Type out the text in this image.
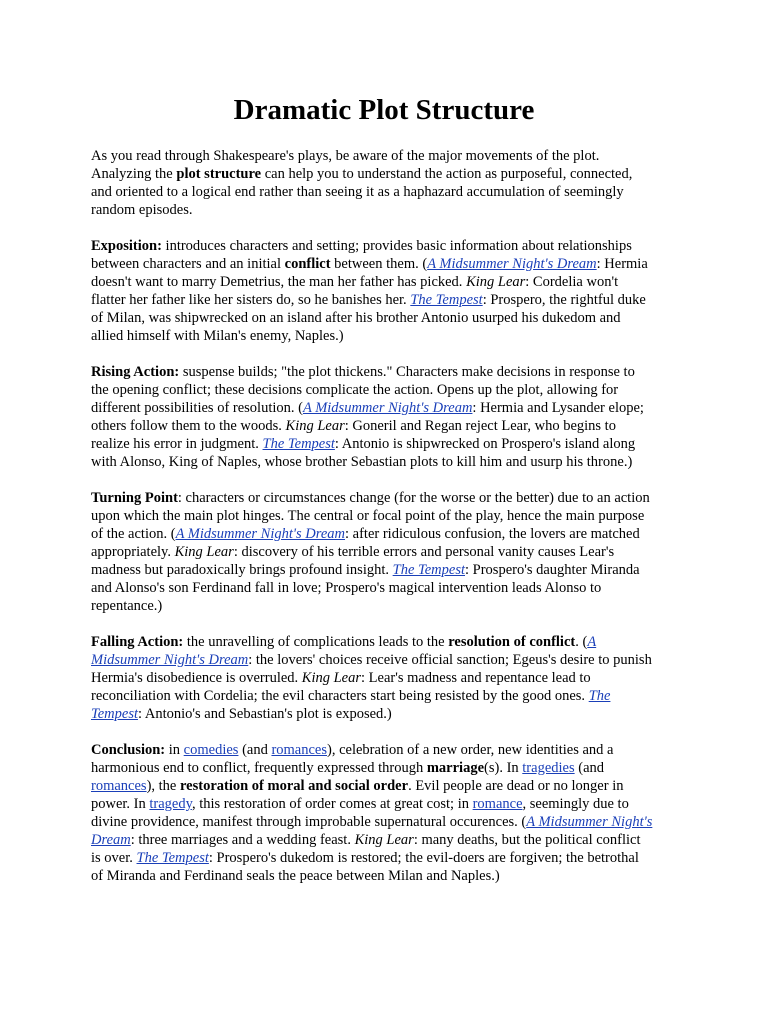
Dramatic Plot Structure
As you read through Shakespeare's plays, be aware of the major movements of the plot.
Analyzing the plot structure can help you to understand the action as purposeful, connected,
and oriented to a logical end rather than seeing it as a haphazard accumulation of seemingly
random episodes.
Exposition: introduces characters and setting; provides basic information about relationships
between characters and an initial conflict between them. (A Midsummer Night's Dream: Hermia
doesn't want to marry Demetrius, the man her father has picked. King Lear: Cordelia won't
flatter her father like her sisters do, so he banishes her. The Tempest: Prospero, the rightful duke
of Milan, was shipwrecked on an island after his brother Antonio usurped his dukedom and
allied himself with Milan's enemy, Naples.)
Rising Action: suspense builds; "the plot thickens." Characters make decisions in response to
the opening conflict; these decisions complicate the action. Opens up the plot, allowing for
different possibilities of resolution. (A Midsummer Night's Dream: Hermia and Lysander elope;
others follow them to the woods. King Lear: Goneril and Regan reject Lear, who begins to
realize his error in judgment. The Tempest: Antonio is shipwrecked on Prospero's island along
with Alonso, King of Naples, whose brother Sebastian plots to kill him and usurp his throne.)
Turning Point: characters or circumstances change (for the worse or the better) due to an action
upon which the main plot hinges. The central or focal point of the play, hence the main purpose
of the action. (A Midsummer Night's Dream: after ridiculous confusion, the lovers are matched
appropriately. King Lear: discovery of his terrible errors and personal vanity causes Lear's
madness but paradoxically brings profound insight. The Tempest: Prospero's daughter Miranda
and Alonso's son Ferdinand fall in love; Prospero's magical intervention leads Alonso to
repentance.)
Falling Action: the unravelling of complications leads to the resolution of conflict. (A
Midsummer Night's Dream: the lovers' choices receive official sanction; Egeus's desire to punish
Hermia's disobedience is overruled. King Lear: Lear's madness and repentance lead to
reconciliation with Cordelia; the evil characters start being resisted by the good ones. The
Tempest: Antonio's and Sebastian's plot is exposed.)
Conclusion: in comedies (and romances), celebration of a new order, new identities and a
harmonious end to conflict, frequently expressed through marriage(s). In tragedies (and
romances), the restoration of moral and social order. Evil people are dead or no longer in
power. In tragedy, this restoration of order comes at great cost; in romance, seemingly due to
divine providence, manifest through improbable supernatural occurences. (A Midsummer Night's
Dream: three marriages and a wedding feast. King Lear: many deaths, but the political conflict
is over. The Tempest: Prospero's dukedom is restored; the evil-doers are forgiven; the betrothal
of Miranda and Ferdinand seals the peace between Milan and Naples.)
